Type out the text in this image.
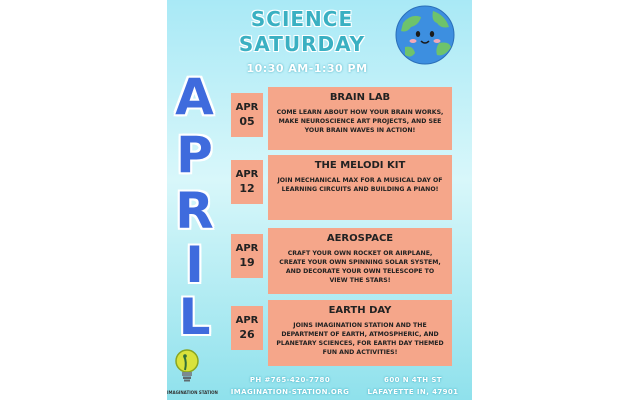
SCIENCE
SATURDAY
10:30 AM-1:30 PM
A
P
R
I
L
APR
05
BRAIN LAB

COME LEARN ABOUT HOW YOUR BRAIN WORKS, MAKE NEUROSCIENCE ART PROJECTS, AND SEE YOUR BRAIN WAVES IN ACTION!

APR
12
THE MELODI KIT

JOIN MECHANICAL MAX FOR A MUSICAL DAY OF LEARNING CIRCUITS AND BUILDING A PIANO!

APR
19
AEROSPACE

CRAFT YOUR OWN ROCKET OR AIRPLANE, CREATE YOUR OWN SPINNING SOLAR SYSTEM, AND DECORATE YOUR OWN TELESCOPE TO VIEW THE STARS!

APR
26
EARTH DAY

JOINS IMAGINATION STATION AND THE DEPARTMENT OF EARTH, ATMOSPHERIC, AND PLANETARY SCIENCES, FOR EARTH DAY THEMED FUN AND ACTIVITIES!

IMAGINATION STATION
PH #765-420-7780
IMAGINATION-STATION.ORG
600 N 4TH ST
LAFAYETTE IN, 47901
